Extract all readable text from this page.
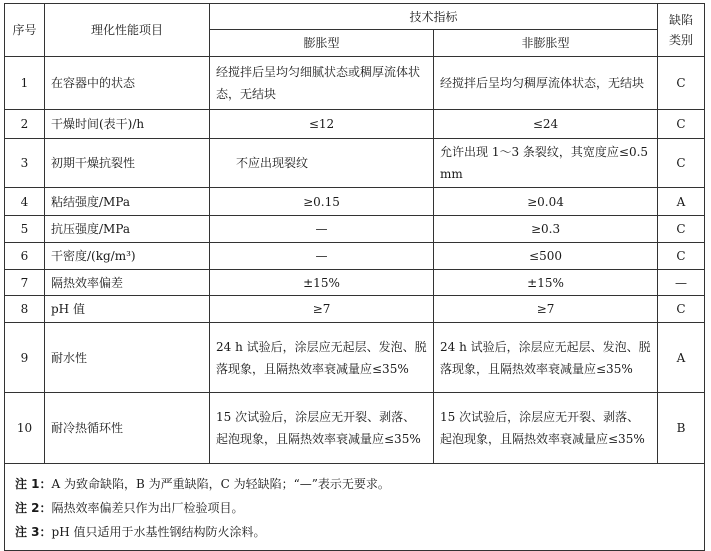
序号	理化性能项目	技术指标		缺陷
类别
		膨胀型	非膨胀型	
1	在容器中的状态	经搅拌后呈均匀细腻状态或稠厚流体状态，无结块	经搅拌后呈均匀稠厚流体状态，无结块	C
2	干燥时间(表干)/h	≤12	≤24	C
3	初期干燥抗裂性	不应出现裂纹	允许出现 1～3 条裂纹，其宽度应≤0.5 mm	C
4	粘结强度/MPa	≥0.15	≥0.04	A
5	抗压强度/MPa	—	≥0.3	C
6	干密度/(kg/m³)	—	≤500	C
7	隔热效率偏差	±15%	±15%	—
8	pH 值	≥7	≥7	C
9	耐水性	24 h 试验后，涂层应无起层、发泡、脱落现象，且隔热效率衰减量应≤35%	24 h 试验后，涂层应无起层、发泡、脱落现象，且隔热效率衰减量应≤35%	A
10	耐冷热循环性	15 次试验后，涂层应无开裂、剥落、起泡现象，且隔热效率衰减量应≤35%	15 次试验后，涂层应无开裂、剥落、起泡现象，且隔热效率衰减量应≤35%	B

注 1：A 为致命缺陷，B 为严重缺陷，C 为轻缺陷；“—”表示无要求。
注 2：隔热效率偏差只作为出厂检验项目。
注 3：pH 值只适用于水基性钢结构防火涂料。				
